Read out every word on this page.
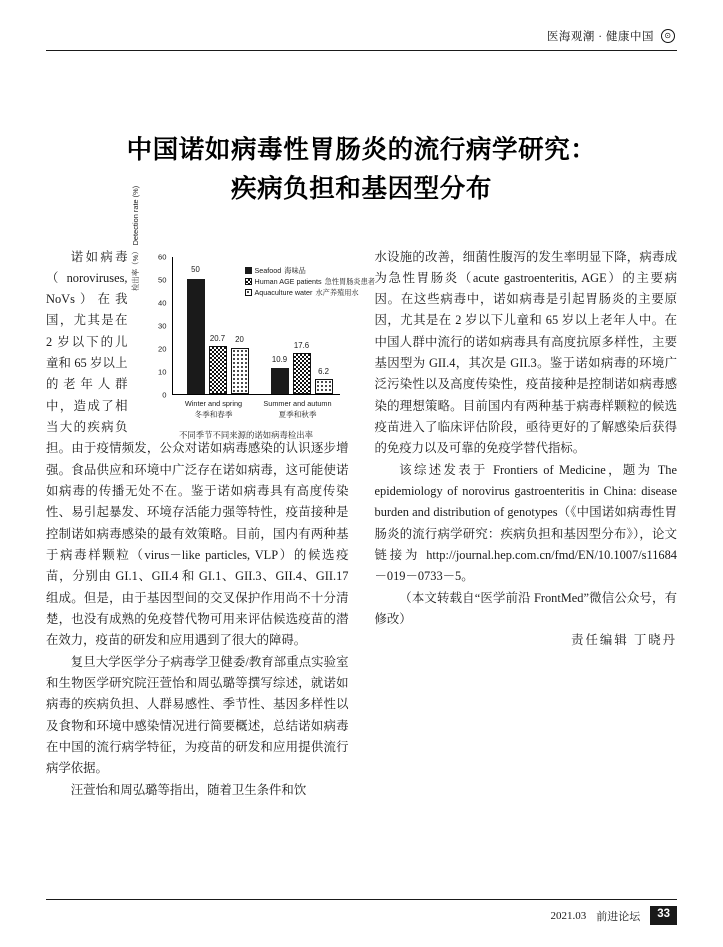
医海观潮 · 健康中国 ⊙
中国诺如病毒性胃肠炎的流行病学研究：
疾病负担和基因型分布
检出率（%） Detection rate (%)
60
50
40
30
20
10
0
Seafood 海味品
Human AGE patients 急性胃肠炎患者
Aquaculture water 水产养殖用水
50
20.7 20
10.9
17.6
6.2
Winter and spring
冬季和春季
Summer and autumn
夏季和秋季
不同季节不同来源的诺如病毒检出率

诺如病毒（noroviruses, NoVs）在我国，尤其是在 2 岁以下的儿童和 65 岁以上的老年人群中，造成了相当大的疾病负担。由于疫情频发，公众对诺如病毒感染的认识逐步增强。食品供应和环境中广泛存在诺如病毒，这可能使诺如病毒的传播无处不在。鉴于诺如病毒具有高度传染性、易引起暴发、环境存活能力强等特性，疫苗接种是控制诺如病毒感染的最有效策略。目前，国内有两种基于病毒样颗粒（virus－like particles, VLP）的候选疫苗，分别由 GI.1、GII.4 和 GI.1、GII.3、GII.4、GII.17 组成。但是，由于基因型间的交叉保护作用尚不十分清楚，也没有成熟的免疫替代物可用来评估候选疫苗的潜在效力，疫苗的研发和应用遇到了很大的障碍。

复旦大学医学分子病毒学卫健委/教育部重点实验室和生物医学研究院汪萱怡和周弘璐等撰写综述，就诺如病毒的疾病负担、人群易感性、季节性、基因多样性以及食物和环境中感染情况进行简要概述，总结诺如病毒在中国的流行病学特征，为疫苗的研发和应用提供流行病学依据。

汪萱怡和周弘璐等指出，随着卫生条件和饮

水设施的改善，细菌性腹泻的发生率明显下降，病毒成为急性胃肠炎（acute gastroenteritis, AGE）的主要病因。在这些病毒中，诺如病毒是引起胃肠炎的主要原因，尤其是在 2 岁以下儿童和 65 岁以上老年人中。在中国人群中流行的诺如病毒具有高度抗原多样性，主要基因型为 GII.4，其次是 GII.3。鉴于诺如病毒的环境广泛污染性以及高度传染性，疫苗接种是控制诺如病毒感染的理想策略。目前国内有两种基于病毒样颗粒的候选疫苗进入了临床评估阶段，亟待更好的了解感染后获得的免疫力以及可靠的免疫学替代指标。

该综述发表于 Frontiers of Medicine，题为 The epidemiology of norovirus gastroenteritis in China: disease burden and distribution of genotypes（《中国诺如病毒性胃肠炎的流行病学研究：疾病负担和基因型分布》），论文链接为 http://journal.hep.com.cn/fmd/EN/10.1007/s11684－019－0733－5。

（本文转载自“医学前沿 FrontMed”微信公众号，有修改）

责任编辑 丁晓丹

2021.03 前进论坛	33
